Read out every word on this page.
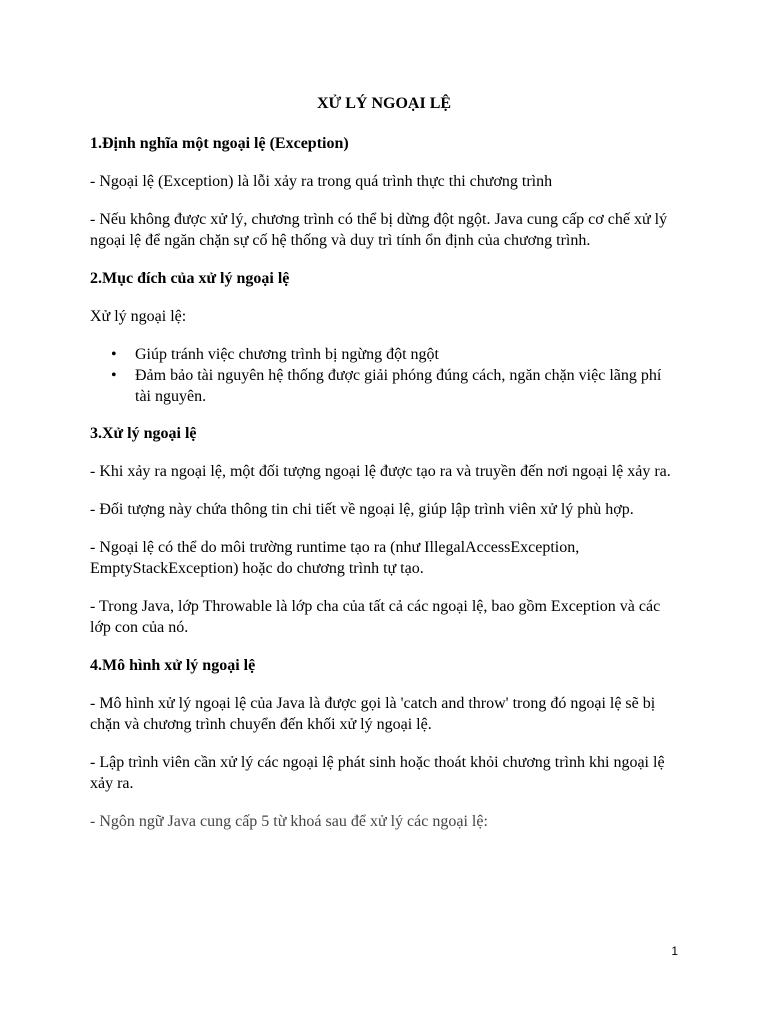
XỬ LÝ NGOẠI LỆ
1.Định nghĩa một ngoại lệ (Exception)

- Ngoại lệ (Exception) là lỗi xảy ra trong quá trình thực thi chương trình

- Nếu không được xử lý, chương trình có thể bị dừng đột ngột. Java cung cấp cơ chế xử lý ngoại lệ để ngăn chặn sự cố hệ thống và duy trì tính ổn định của chương trình.

2.Mục đích của xử lý ngoại lệ

Xử lý ngoại lệ:

• Giúp tránh việc chương trình bị ngừng đột ngột
• Đảm bảo tài nguyên hệ thống được giải phóng đúng cách, ngăn chặn việc lãng phí tài nguyên.
3.Xử lý ngoại lệ

- Khi xảy ra ngoại lệ, một đối tượng ngoại lệ được tạo ra và truyền đến nơi ngoại lệ xảy ra.

- Đối tượng này chứa thông tin chi tiết về ngoại lệ, giúp lập trình viên xử lý phù hợp.

- Ngoại lệ có thể do môi trường runtime tạo ra (như IllegalAccessException, EmptyStackException) hoặc do chương trình tự tạo.

- Trong Java, lớp Throwable là lớp cha của tất cả các ngoại lệ, bao gồm Exception và các lớp con của nó.

4.Mô hình xử lý ngoại lệ

- Mô hình xử lý ngoại lệ của Java là được gọi là 'catch and throw' trong đó ngoại lệ sẽ bị chặn và chương trình chuyển đến khối xử lý ngoại lệ.

- Lập trình viên cần xử lý các ngoại lệ phát sinh hoặc thoát khỏi chương trình khi ngoại lệ xảy ra.

- Ngôn ngữ Java cung cấp 5 từ khoá sau để xử lý các ngoại lệ:

1
